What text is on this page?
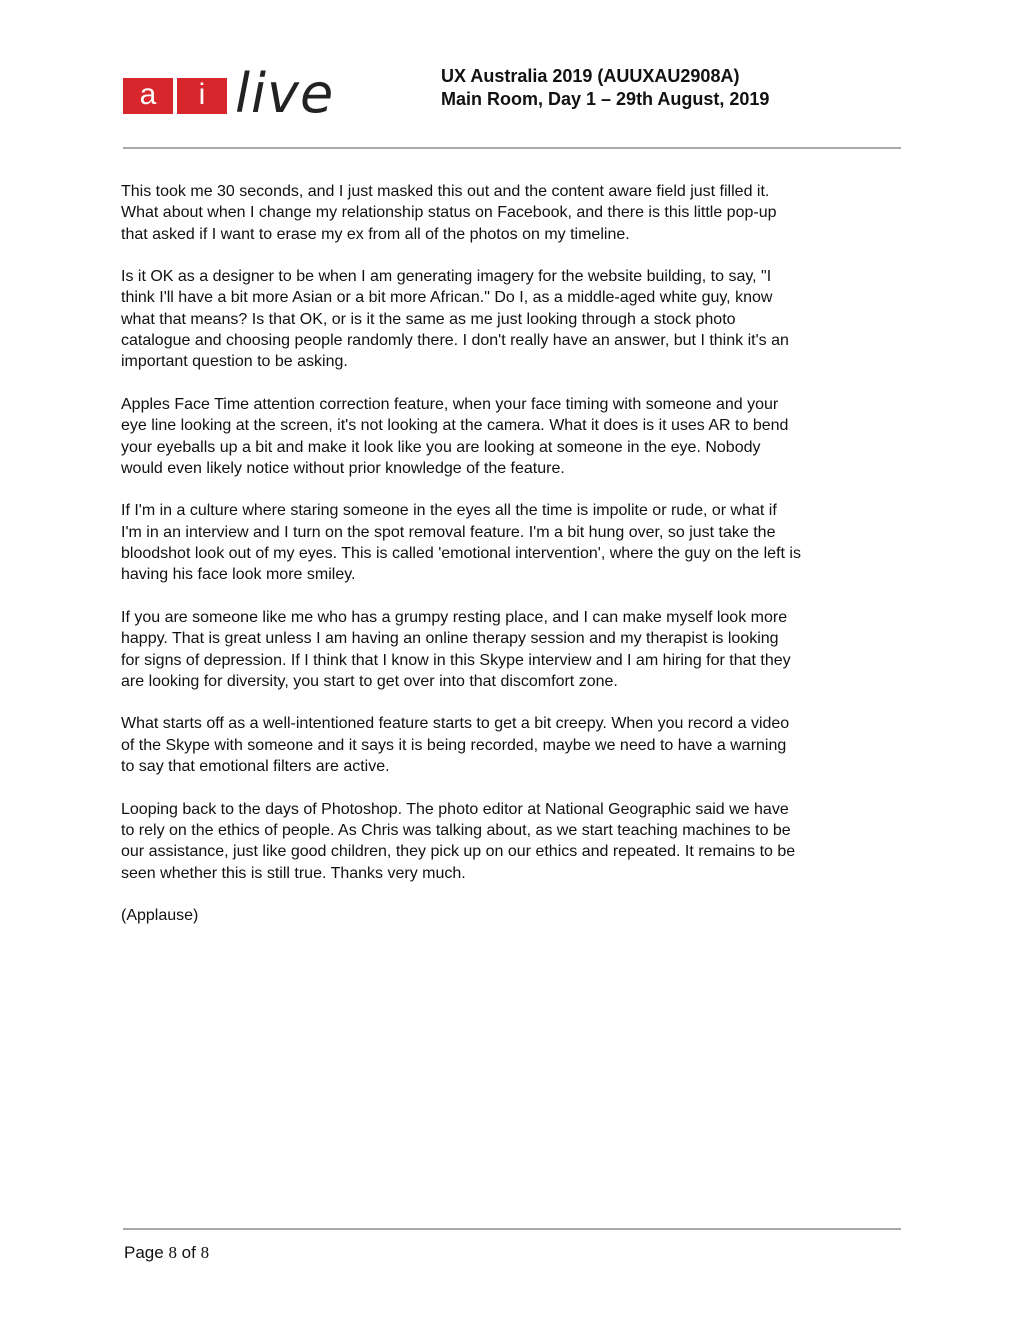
a	i live	UX Australia 2019 (AUUXAU2908A)
Main Room, Day 1 – 29th August, 2019

This took me 30 seconds, and I just masked this out and the content aware field just filled it.
What about when I change my relationship status on Facebook, and there is this little pop-up
that asked if I want to erase my ex from all of the photos on my timeline.

Is it OK as a designer to be when I am generating imagery for the website building, to say, "I
think I'll have a bit more Asian or a bit more African." Do I, as a middle-aged white guy, know
what that means? Is that OK, or is it the same as me just looking through a stock photo
catalogue and choosing people randomly there. I don't really have an answer, but I think it's an
important question to be asking.

Apples Face Time attention correction feature, when your face timing with someone and your
eye line looking at the screen, it's not looking at the camera. What it does is it uses AR to bend
your eyeballs up a bit and make it look like you are looking at someone in the eye. Nobody
would even likely notice without prior knowledge of the feature.

If I'm in a culture where staring someone in the eyes all the time is impolite or rude, or what if
I'm in an interview and I turn on the spot removal feature. I'm a bit hung over, so just take the
bloodshot look out of my eyes. This is called 'emotional intervention', where the guy on the left is
having his face look more smiley.

If you are someone like me who has a grumpy resting place, and I can make myself look more
happy. That is great unless I am having an online therapy session and my therapist is looking
for signs of depression. If I think that I know in this Skype interview and I am hiring for that they
are looking for diversity, you start to get over into that discomfort zone.

What starts off as a well-intentioned feature starts to get a bit creepy. When you record a video
of the Skype with someone and it says it is being recorded, maybe we need to have a warning
to say that emotional filters are active.

Looping back to the days of Photoshop. The photo editor at National Geographic said we have
to rely on the ethics of people. As Chris was talking about, as we start teaching machines to be
our assistance, just like good children, they pick up on our ethics and repeated. It remains to be
seen whether this is still true. Thanks very much.

(Applause)

Page 8 of 8
